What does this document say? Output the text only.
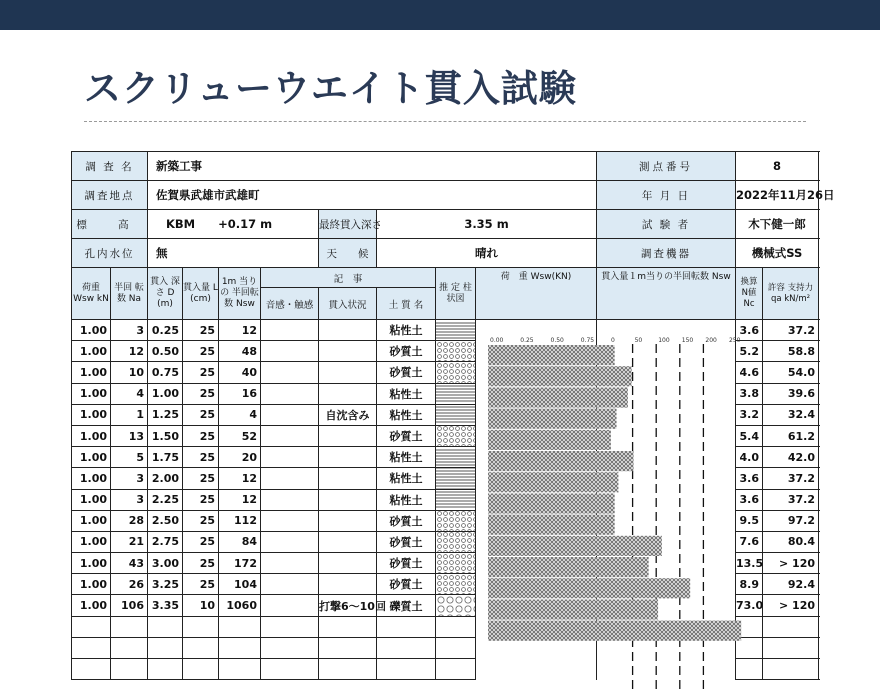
スクリューウエイト貫入試験
調 査 名		新築工事								測点番号	8	
調査地点		佐賀県武雄市武雄町								年 月 日	2022年11月26日	
標 高		KBM　　+0.17 m				最終貫入深さ	3.35 m			試 験 者	木下健一郎	
孔内水位		無				天　　候	晴れ			調査機器	機械式SS	
荷重 Wsw kN	半回 転数 Na	貫入 深さ D (m)	貫入量 L (cm)	1m 当りの 半回転数 Nsw	記　事			推 定 柱状図	荷　重 Wsw(KN)	貫入量１m当りの半回転数 Nsw	換算 N値 Nc	許容 支持力 qa kN/m²
					音感・触感	貫入状況	土 質 名					
1.00	3	0.25	25	12			粘性土				3.6	37.2
1.00	12	0.50	25	48			砂質土				5.2	58.8
1.00	10	0.75	25	40			砂質土				4.6	54.0
1.00	4	1.00	25	16			粘性土				3.8	39.6
1.00	1	1.25	25	4		自沈含み	粘性土				3.2	32.4
1.00	13	1.50	25	52			砂質土				5.4	61.2
1.00	5	1.75	25	20			粘性土				4.0	42.0
1.00	3	2.00	25	12			粘性土				3.6	37.2
1.00	3	2.25	25	12			粘性土				3.6	37.2
1.00	28	2.50	25	112			砂質土				9.5	97.2
1.00	21	2.75	25	84			砂質土				7.6	80.4
1.00	43	3.00	25	172			砂質土				13.5	> 120
1.00	26	3.25	25	104			砂質土				8.9	92.4
1.00	106	3.35	10	1060		打撃6～10回	礫質土				73.0	> 120

0.00	0.25	0.50	0.75	0	50	100 150 200 250
